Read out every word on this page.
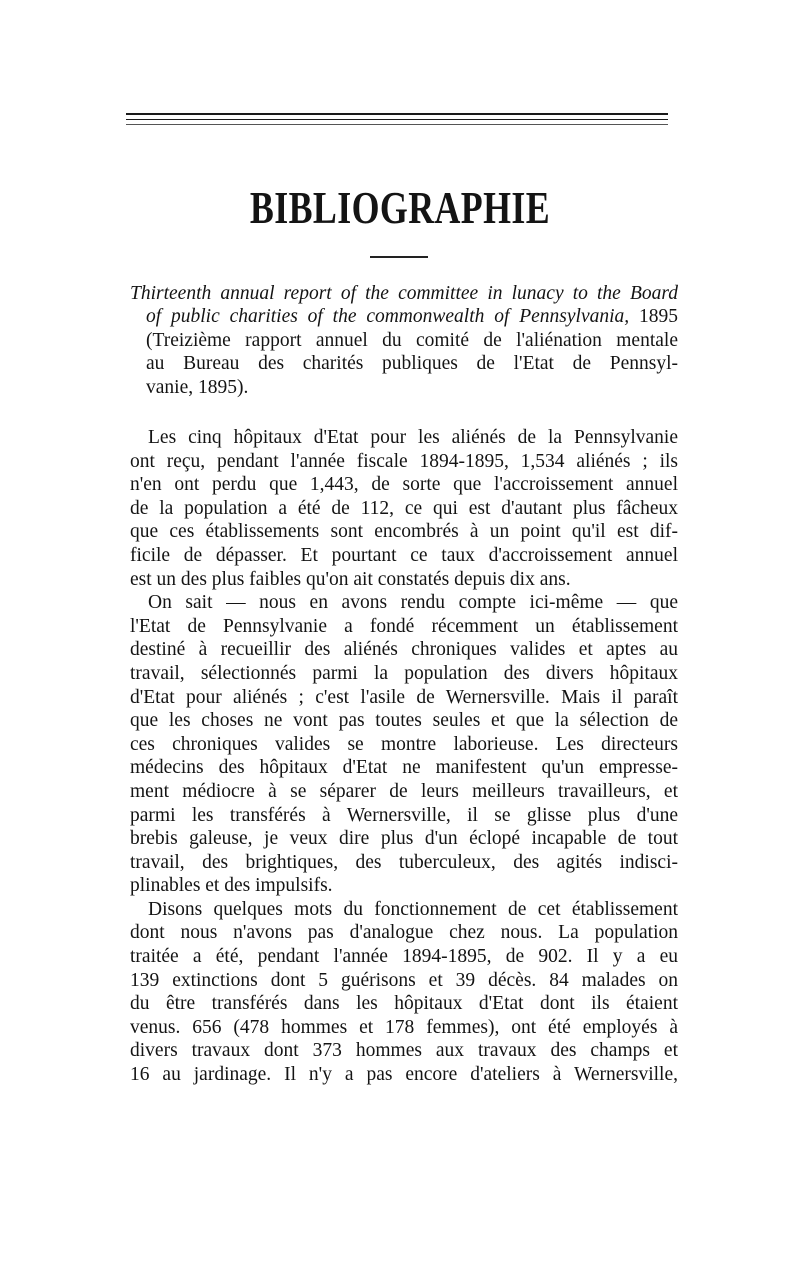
BIBLIOGRAPHIE
Thirteenth annual report of the committee in lunacy to the Board
of public charities of the commonwealth of Pennsylvania, 1895
(Treizième rapport annuel du comité de l'aliénation mentale
au Bureau des charités publiques de l'Etat de Pennsyl-
vanie, 1895).
Les cinq hôpitaux d'Etat pour les aliénés de la Pennsylvanie
ont reçu, pendant l'année fiscale 1894-1895, 1,534 aliénés ; ils
n'en ont perdu que 1,443, de sorte que l'accroissement annuel
de la population a été de 112, ce qui est d'autant plus fâcheux
que ces établissements sont encombrés à un point qu'il est dif-
ficile de dépasser. Et pourtant ce taux d'accroissement annuel
est un des plus faibles qu'on ait constatés depuis dix ans.
On sait — nous en avons rendu compte ici-même — que
l'Etat de Pennsylvanie a fondé récemment un établissement
destiné à recueillir des aliénés chroniques valides et aptes au
travail, sélectionnés parmi la population des divers hôpitaux
d'Etat pour aliénés ; c'est l'asile de Wernersville. Mais il paraît
que les choses ne vont pas toutes seules et que la sélection de
ces chroniques valides se montre laborieuse. Les directeurs
médecins des hôpitaux d'Etat ne manifestent qu'un empresse-
ment médiocre à se séparer de leurs meilleurs travailleurs, et
parmi les transférés à Wernersville, il se glisse plus d'une
brebis galeuse, je veux dire plus d'un éclopé incapable de tout
travail, des brightiques, des tuberculeux, des agités indisci-
plinables et des impulsifs.
Disons quelques mots du fonctionnement de cet établissement
dont nous n'avons pas d'analogue chez nous. La population
traitée a été, pendant l'année 1894-1895, de 902. Il y a eu
139 extinctions dont 5 guérisons et 39 décès. 84 malades on
du être transférés dans les hôpitaux d'Etat dont ils étaient
venus. 656 (478 hommes et 178 femmes), ont été employés à
divers travaux dont 373 hommes aux travaux des champs et
16 au jardinage. Il n'y a pas encore d'ateliers à Wernersville,
